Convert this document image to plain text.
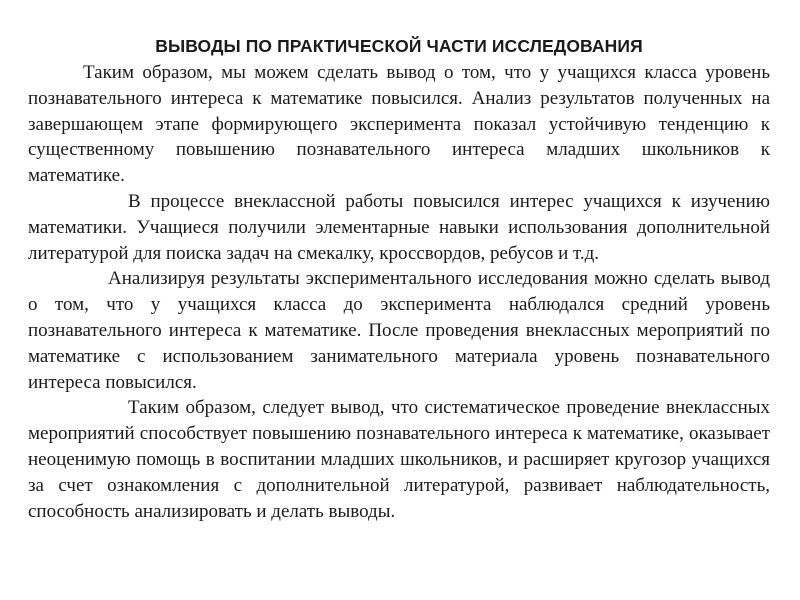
ВЫВОДЫ ПО ПРАКТИЧЕСКОЙ ЧАСТИ ИССЛЕДОВАНИЯ

Таким образом, мы можем сделать вывод о том, что у учащихся класса уровень познавательного интереса к математике повысился. Анализ результатов полученных на завершающем этапе формирующего эксперимента показал устойчивую тенденцию к существенному повышению познавательного интереса младших школьников к математике.

В процессе внеклассной работы повысился интерес учащихся к изучению математики. Учащиеся получили элементарные навыки использования дополнительной литературой для поиска задач на смекалку, кроссвордов, ребусов и т.д.

Анализируя результаты экспериментального исследования можно сделать вывод о том, что у учащихся класса до эксперимента наблюдался средний уровень познавательного интереса к математике. После проведения внеклассных мероприятий по математике с использованием занимательного материала уровень познавательного интереса повысился.

Таким образом, следует вывод, что систематическое проведение внеклассных мероприятий способствует повышению познавательного интереса к математике, оказывает неоценимую помощь в воспитании младших школьников, и расширяет кругозор учащихся за счет ознакомления с дополнительной литературой, развивает наблюдательность, способность анализировать и делать выводы.
